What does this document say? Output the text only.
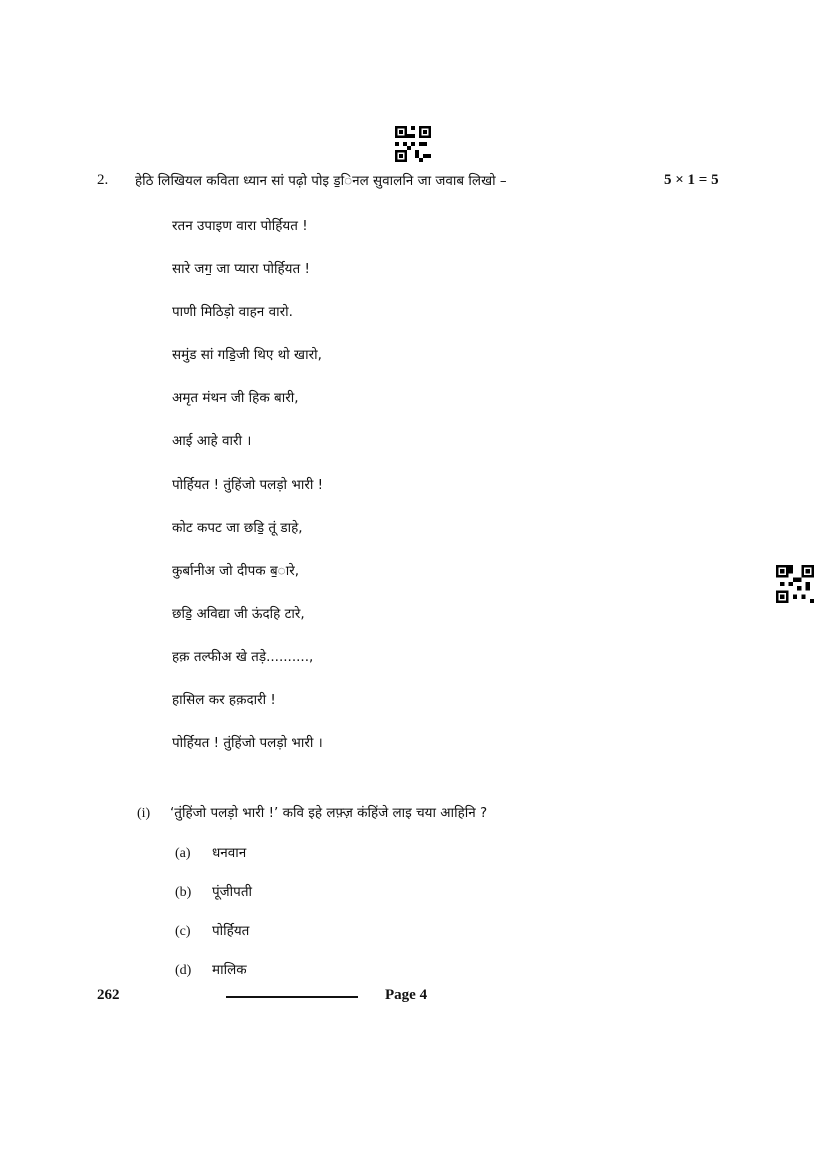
2. हेठि लिखियल कविता ध्यान सां पढ़ो पोइ ड॒िनल सुवालनि जा जवाब लिखो –	5 × 1 = 5
रतन उपाइण वारा पोर्हियत !
सारे जग॒ जा प्यारा पोर्हियत !
पाणी मिठिड़ो वाहन वारो.
समुंड सां गडि॒जी थिए थो खारो,
अमृत मंथन जी हिक बारी,
आई आहे वारी ।
पोर्हियत ! तुंहिंजो पलड़ो भारी !
कोट कपट जा छडि॒ तूं डाहे,
कुर्बानीअ जो दीपक ब॒ारे,
छडि॒ अविद्या जी ऊंदहि टारे,
हक़ तल्फीअ खे तड़े..........,
हासिल कर हक़दारी !
पोर्हियत ! तुंहिंजो पलड़ो भारी ।
(i) ‘तुंहिंजो पलड़ो भारी !’ कवि इहे लफ़्ज़ कंहिंजे लाइ चया आहिनि ?
(a) धनवान
(b) पूंजीपती
(c) पोर्हियत
(d) मालिक
262	Page 4
